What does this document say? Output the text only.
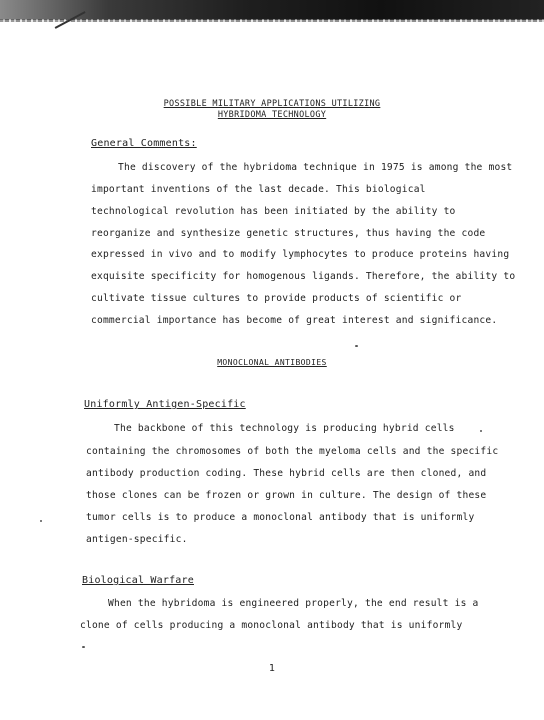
POSSIBLE MILITARY APPLICATIONS UTILIZING
HYBRIDOMA TECHNOLOGY
General Comments:
The discovery of the hybridoma technique in 1975 is among the most
important inventions of the last decade. This biological
technological revolution has been initiated by the ability to
reorganize and synthesize genetic structures, thus having the code
expressed in vivo and to modify lymphocytes to produce proteins having
exquisite specificity for homogenous ligands. Therefore, the ability to
cultivate tissue cultures to provide products of scientific or
commercial importance has become of great interest and significance.
MONOCLONAL ANTIBODIES
Uniformly Antigen-Specific
The backbone of this technology is producing hybrid cells
containing the chromosomes of both the myeloma cells and the specific
antibody production coding. These hybrid cells are then cloned, and
those clones can be frozen or grown in culture. The design of these
tumor cells is to produce a monoclonal antibody that is uniformly
antigen-specific.
Biological Warfare
When the hybridoma is engineered properly, the end result is a
clone of cells producing a monoclonal antibody that is uniformly
1
